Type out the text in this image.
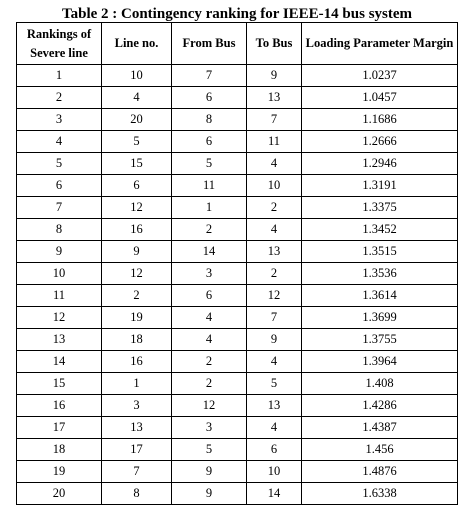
Table 2 : Contingency ranking for IEEE-14 bus system
Rankings of
Severe line	Line no.	From Bus	To Bus	Loading Parameter Margin
1	10	7	9	1.0237
2	4	6	13	1.0457
3	20	8	7	1.1686
4	5	6	11	1.2666
5	15	5	4	1.2946
6	6	11	10	1.3191
7	12	1	2	1.3375
8	16	2	4	1.3452
9	9	14	13	1.3515
10	12	3	2	1.3536
11	2	6	12	1.3614
12	19	4	7	1.3699
13	18	4	9	1.3755
14	16	2	4	1.3964
15	1	2	5	1.408
16	3	12	13	1.4286
17	13	3	4	1.4387
18	17	5	6	1.456
19	7	9	10	1.4876
20	8	9	14	1.6338
